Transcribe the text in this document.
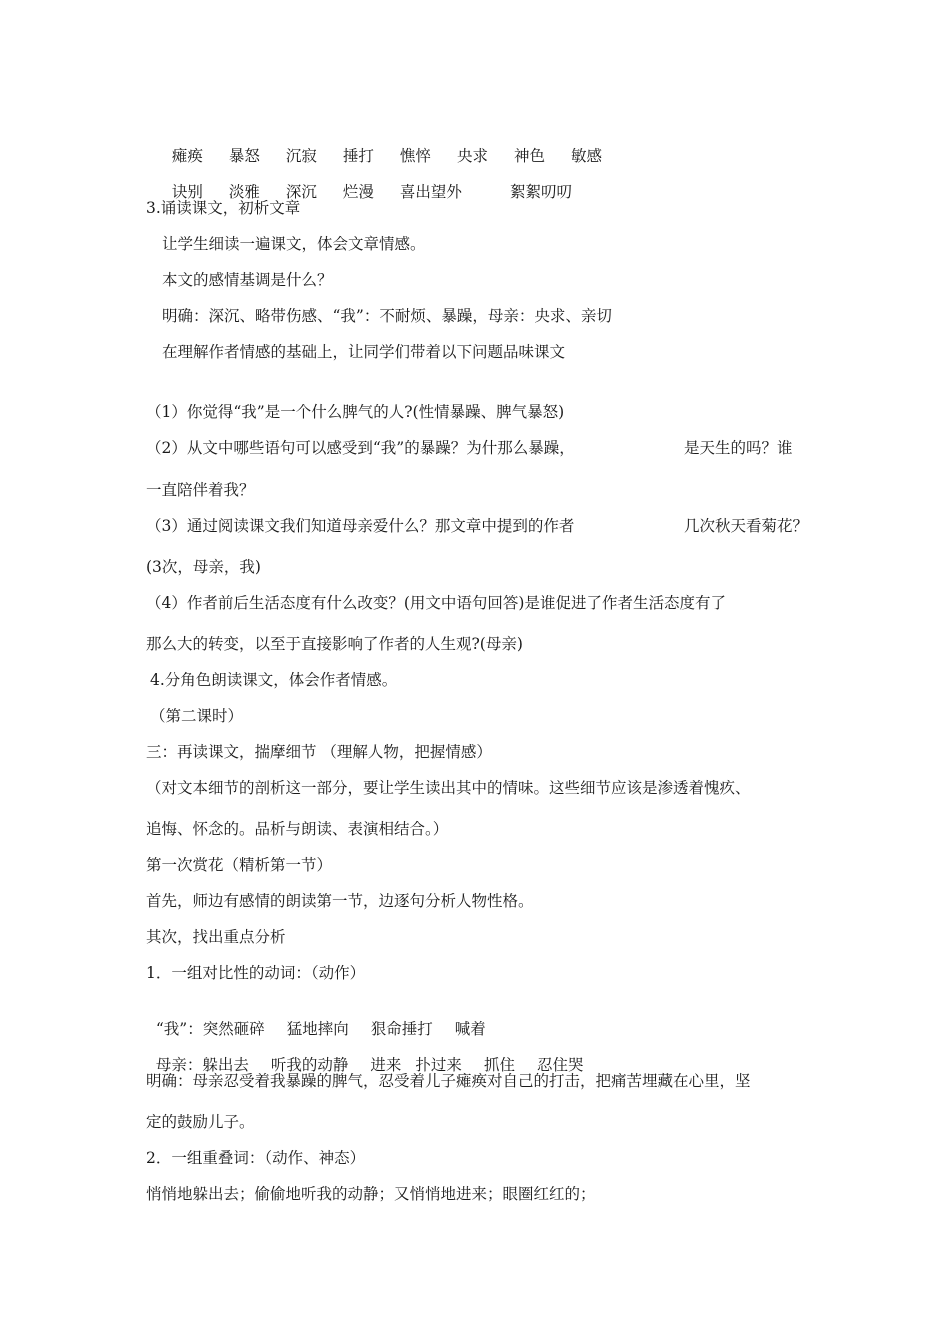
瘫痪 暴怒 沉寂 捶打 憔悴 央求 神色 敏感

诀别 淡雅 深沉 烂漫 喜出望外	絮絮叨叨

3.诵读课文，初析文章
让学生细读一遍课文，体会文章情感。
本文的感情基调是什么？
明确：深沉、略带伤感、“我”：不耐烦、暴躁，母亲：央求、亲切
在理解作者情感的基础上，让同学们带着以下问题品味课文
（1）你觉得“我”是一个什么脾气的人?(性情暴躁、脾气暴怒)
（2）从文中哪些语句可以感受到“我”的暴躁？为什那么暴躁，	是天生的吗？谁
一直陪伴着我？
（3）通过阅读课文我们知道母亲爱什么？那文章中提到的作者	几次秋天看菊花？
(3次，母亲，我)
（4）作者前后生活态度有什么改变？(用文中语句回答)是谁促进了作者生活态度有了
那么大的转变，以至于直接影响了作者的人生观?(母亲)
4.分角色朗读课文，体会作者情感。
（第二课时）
三：再读课文，揣摩细节 （理解人物，把握情感）
（对文本细节的剖析这一部分，要让学生读出其中的情味。这些细节应该是渗透着愧疚、
追悔、怀念的。品析与朗读、表演相结合。）
第一次赏花（精析第一节）
首先，师边有感情的朗读第一节，边逐句分析人物性格。
其次，找出重点分析
1．一组对比性的动词：（动作）

“我”：突然砸碎 猛地摔向 狠命捶打 喊着

母亲：躲出去 听我的动静 进来 扑过来 抓住 忍住哭

明确：母亲忍受着我暴躁的脾气，忍受着儿子瘫痪对自己的打击，把痛苦埋藏在心里，坚
定的鼓励儿子。
2．一组重叠词：（动作、神态）
悄悄地躲出去；偷偷地听我的动静；又悄悄地进来；眼圈红红的；
